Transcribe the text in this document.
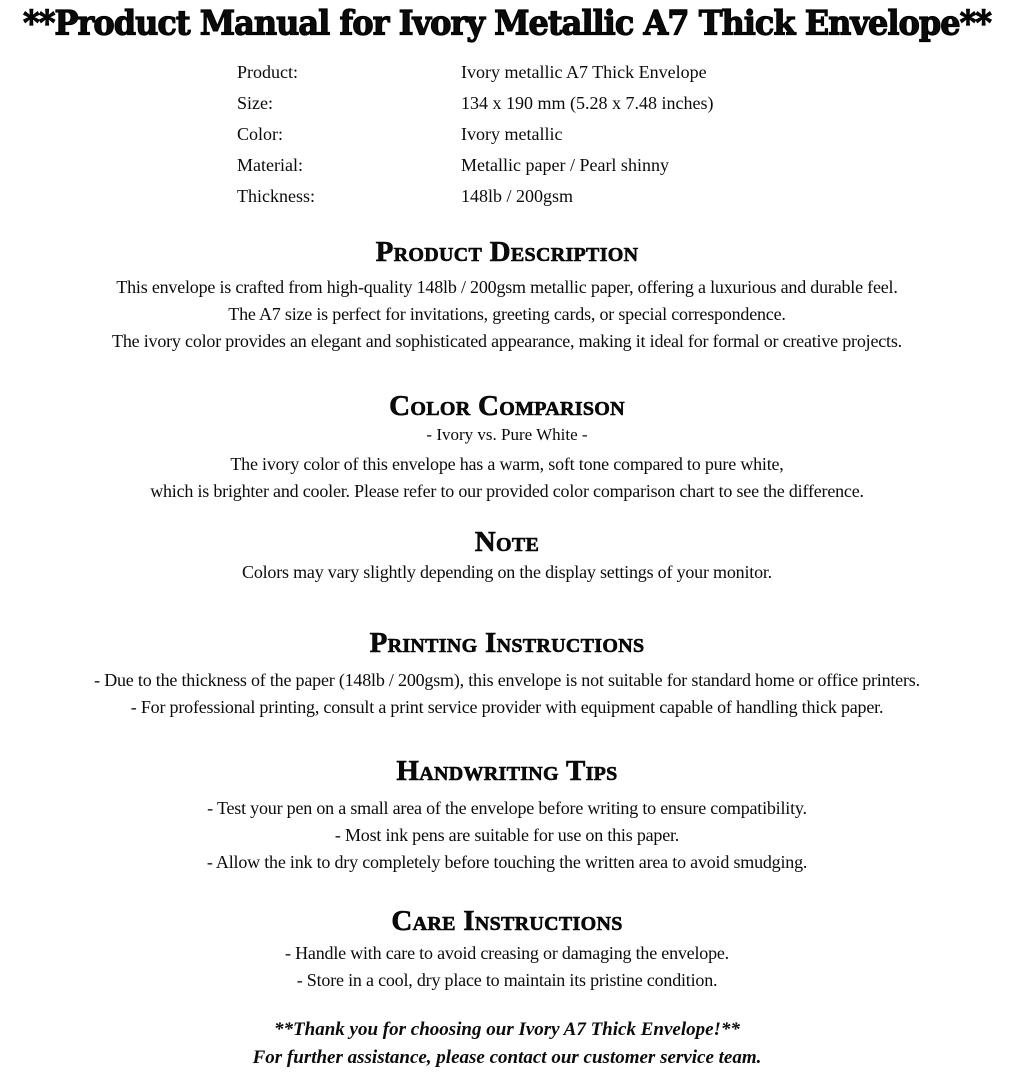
**Product Manual for Ivory Metallic A7 Thick Envelope**
Product:	Ivory metallic A7 Thick Envelope
Size:	134 x 190 mm (5.28 x 7.48 inches)
Color:	Ivory metallic
Material:	Metallic paper / Pearl shinny
Thickness:	148lb / 200gsm
Product Description

This envelope is crafted from high-quality 148lb / 200gsm metallic paper, offering a luxurious and durable feel.

The A7 size is perfect for invitations, greeting cards, or special correspondence.

The ivory color provides an elegant and sophisticated appearance, making it ideal for formal or creative projects.

Color Comparison

- Ivory vs. Pure White -

The ivory color of this envelope has a warm, soft tone compared to pure white,

which is brighter and cooler. Please refer to our provided color comparison chart to see the difference.

Note

Colors may vary slightly depending on the display settings of your monitor.

Printing Instructions

- Due to the thickness of the paper (148lb / 200gsm), this envelope is not suitable for standard home or office printers.

- For professional printing, consult a print service provider with equipment capable of handling thick paper.

Handwriting Tips

- Test your pen on a small area of the envelope before writing to ensure compatibility.

- Most ink pens are suitable for use on this paper.

- Allow the ink to dry completely before touching the written area to avoid smudging.

Care Instructions

- Handle with care to avoid creasing or damaging the envelope.

- Store in a cool, dry place to maintain its pristine condition.

**Thank you for choosing our Ivory A7 Thick Envelope!**

For further assistance, please contact our customer service team.
